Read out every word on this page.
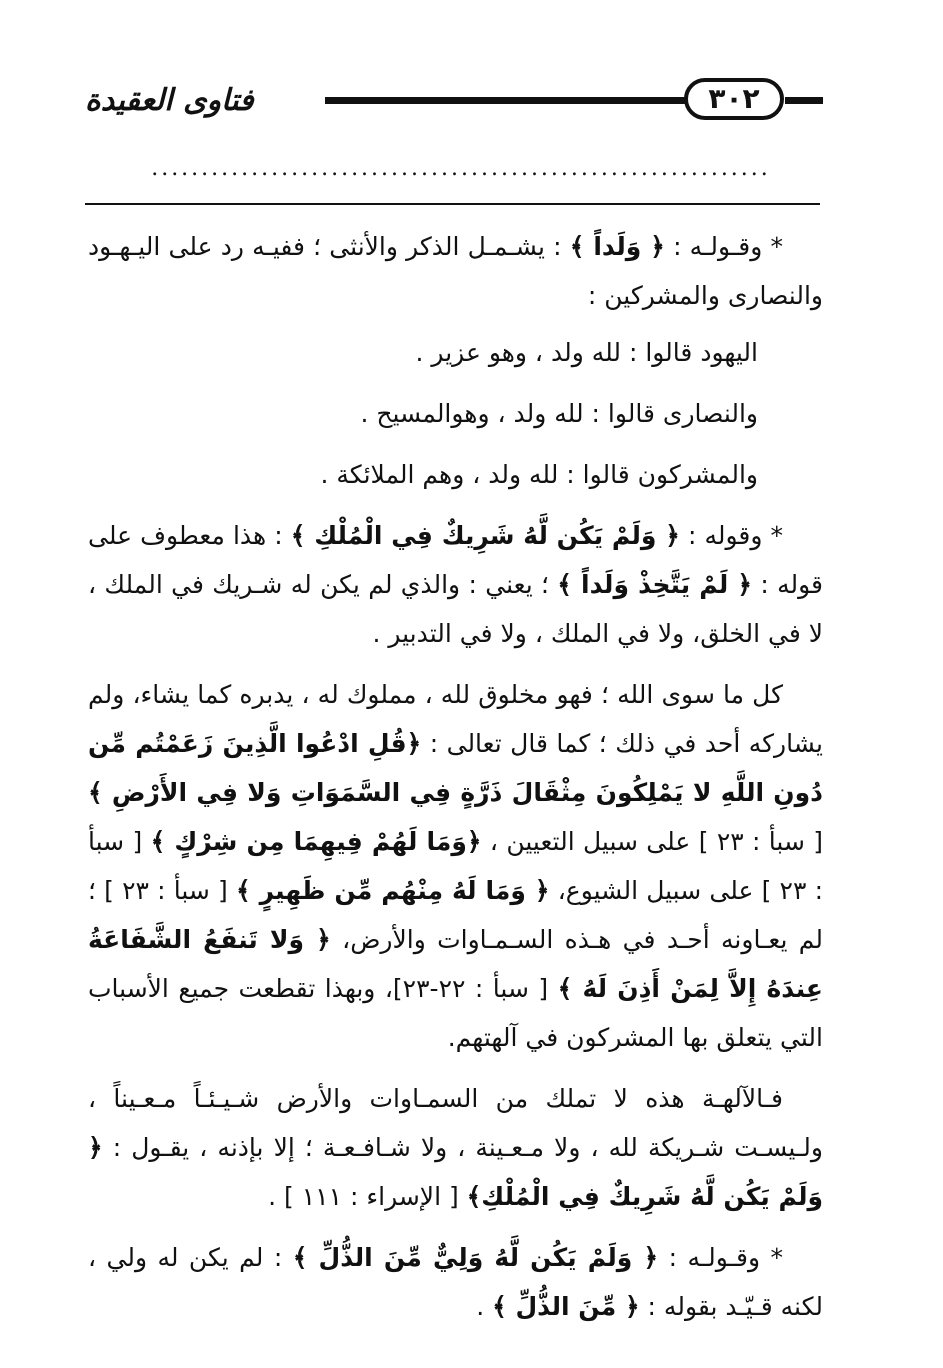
فتاوى العقيدة	٣٠٢
..............................................................

* وقـولـه : ﴿ وَلَداً ﴾ : يشـمـل الذكر والأنثى ؛ ففيـه رد على اليـهـود والنصارى والمشركين :

اليهود قالوا : لله ولد ، وهو عزير .

والنصارى قالوا : لله ولد ، وهوالمسيح .

والمشركون قالوا : لله ولد ، وهم الملائكة .

* وقوله : ﴿ وَلَمْ يَكُن لَّهُ شَرِيكٌ فِي الْمُلْكِ ﴾ : هذا معطوف على قوله : ﴿ لَمْ يَتَّخِذْ وَلَداً ﴾ ؛ يعني : والذي لم يكن له شـريك في الملك ، لا في الخلق، ولا في الملك ، ولا في التدبير .

كل ما سوى الله ؛ فهو مخلوق لله ، مملوك له ، يدبره كما يشاء، ولم يشاركه أحد في ذلك ؛ كما قال تعالى : ﴿قُلِ ادْعُوا الَّذِينَ زَعَمْتُم مِّن دُونِ اللَّهِ لا يَمْلِكُونَ مِثْقَالَ ذَرَّةٍ فِي السَّمَوَاتِ وَلا فِي الأَرْضِ ﴾ [ سبأ : ٢٣ ] على سبيل التعيين ، ﴿وَمَا لَهُمْ فِيهِمَا مِن شِرْكٍ ﴾ [ سبأ : ٢٣ ] على سبيل الشيوع، ﴿ وَمَا لَهُ مِنْهُم مِّن ظَهِيرٍ ﴾ [ سبأ : ٢٣ ] ؛ لم يعـاونه أحـد في هـذه السـمـاوات والأرض، ﴿ وَلا تَنفَعُ الشَّفَاعَةُ عِندَهُ إِلاَّ لِمَنْ أَذِنَ لَهُ ﴾ [ سبأ : ٢٢-٢٣]، وبهذا تقطعت جميع الأسباب التي يتعلق بها المشركون في آلهتهم.

فـالآلهـة هذه لا تملك من السمـاوات والأرض شـيـئـاً مـعـيناً ، ولـيسـت شـريكة لله ، ولا مـعـينة ، ولا شـافـعـة ؛ إلا بإذنه ، يقـول : ﴿ وَلَمْ يَكُن لَّهُ شَرِيكٌ فِي الْمُلْكِ﴾ [ الإسراء : ١١١ ] .

* وقـولـه : ﴿ وَلَمْ يَكُن لَّهُ وَلِيٌّ مِّنَ الذُّلِّ ﴾ : لم يكن له ولي ، لكنه قـيّـد بقوله : ﴿ مِّنَ الذُّلِّ ﴾ .
